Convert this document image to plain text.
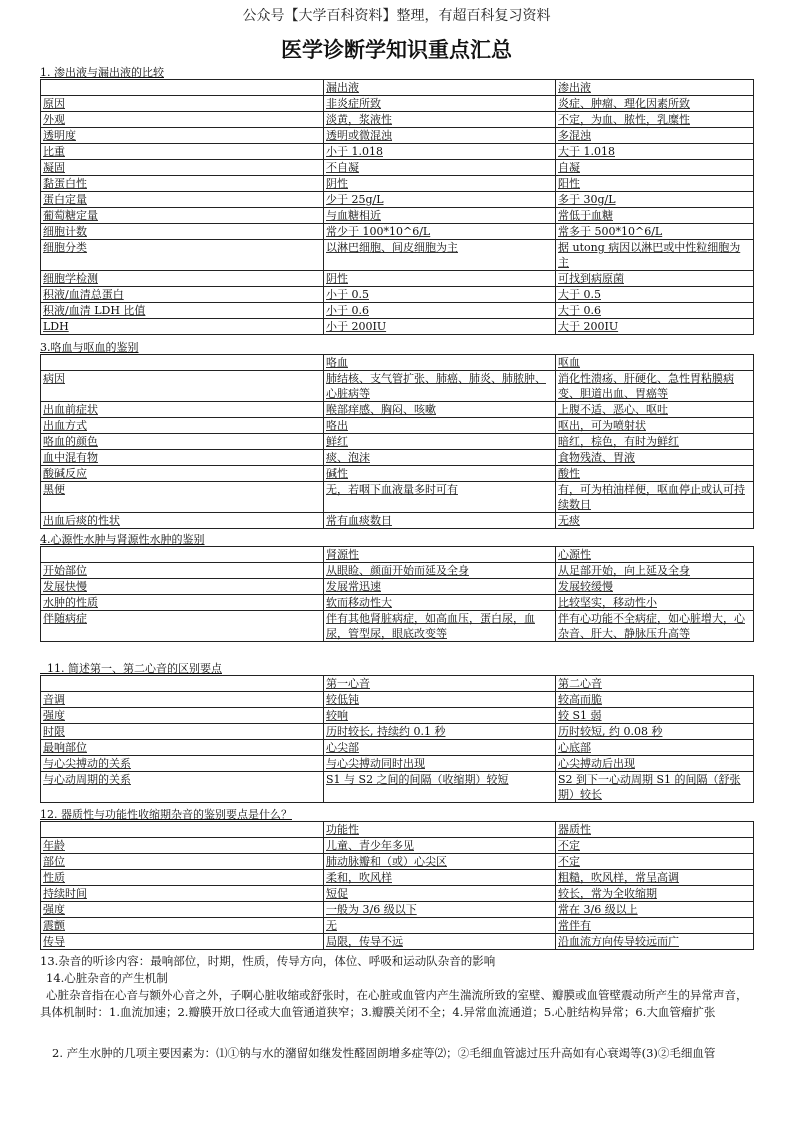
公众号【大学百科资料】整理，有超百科复习资料
医学诊断学知识重点汇总
1. 渗出液与漏出液的比较
	漏出液	渗出液
原因	非炎症所致	炎症、肿瘤、理化因素所致
外观	淡黄，浆液性	不定，为血、脓性，乳糜性
透明度	透明或微混浊	多混浊
比重	小于 1.018	大于 1.018
凝固	不自凝	自凝
黏蛋白性	阴性	阳性
蛋白定量	少于 25g/L	多于 30g/L
葡萄糖定量	与血糖相近	常低于血糖
细胞计数	常少于 100*10^6/L	常多于 500*10^6/L
细胞分类	以淋巴细胞、间皮细胞为主	据 utong 病因以淋巴或中性粒细胞为主
细胞学检测	阴性	可找到病原菌
积液/血清总蛋白	小于 0.5	大于 0.5
积液/血清 LDH 比值	小于 0.6	大于 0.6
LDH	小于 200IU	大于 200IU
3.咯血与呕血的鉴别
	咯血	呕血
病因	肺结核、支气管扩张、肺癌、肺炎、肺脓肿、心脏病等	消化性溃疡、肝硬化、急性胃粘膜病变、胆道出血、胃癌等
出血前症状	喉部痒感、胸闷、咳嗽	上腹不适、恶心、呕吐
出血方式	咯出	呕出，可为喷射状
咯血的颜色	鲜红	暗红，棕色，有时为鲜红
血中混有物	痰、泡沫	食物残渣、胃液
酸碱反应	碱性	酸性
黑便	无，若咽下血液量多时可有	有，可为柏油样便，呕血停止或认可持续数日
出血后痰的性状	常有血痰数日	无痰
4.心源性水肿与肾源性水肿的鉴别
	肾源性	心源性
开始部位	从眼睑、颜面开始而延及全身	从足部开始，向上延及全身
发展快慢	发展常迅速	发展较缓慢
水肿的性质	软而移动性大	比较坚实，移动性小
伴随病症	伴有其他肾脏病症，如高血压，蛋白尿，血尿，管型尿，眼底改变等	伴有心功能不全病症，如心脏增大，心杂音、肝大、静脉压升高等
11. 简述第一、第二心音的区别要点
	第一心音	第二心音
音调	较低钝	较高而脆
强度	较响	较 S1 弱
时限	历时较长, 持续约 0.1 秒	历时较短, 约 0.08 秒
最响部位	心尖部	心底部
与心尖搏动的关系	与心尖搏动同时出现	心尖搏动后出现
与心动周期的关系	S1 与 S2 之间的间隔（收缩期）较短	S2 到下一心动周期 S1 的间隔（舒张期）较长
12. 器质性与功能性收缩期杂音的鉴别要点是什么？
	功能性	器质性
年龄	儿童、青少年多见	不定
部位	肺动脉瓣和（或）心尖区	不定
性质	柔和，吹风样	粗糙，吹风样，常呈高调
持续时间	短促	较长，常为全收缩期
强度	一般为 3/6 级以下	常在 3/6 级以上
震颤	无	常伴有
传导	局限，传导不远	沿血流方向传导较远而广
13.杂音的听诊内容：最响部位，时期，性质，传导方向，体位、呼吸和运动队杂音的影响
14.心脏杂音的产生机制
心脏杂音指在心音与额外心音之外，子啊心脏收缩或舒张时，在心脏或血管内产生湍流所致的室壁、瓣膜或血管壁震动所产生的异常声音，具体机制时：1.血流加速；2.瓣膜开放口径或大血管通道狭窄；3.瓣膜关闭不全；4.异常血流通道；5.心脏结构异常；6.大血管瘤扩张
2. 产生水肿的几项主要因素为：⑴①钠与水的潴留如继发性醛固朗增多症等⑵；②毛细血管滤过压升高如有心衰竭等(3)②毛细血管
